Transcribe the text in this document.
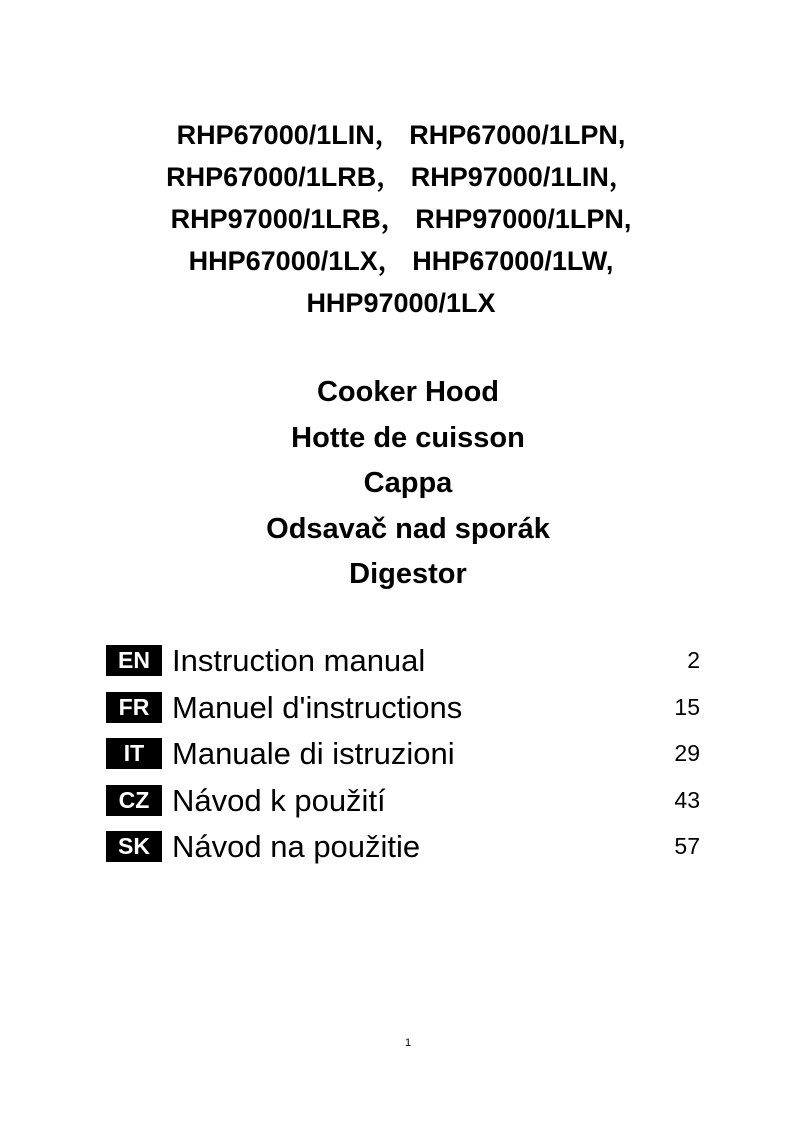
RHP67000/1LIN， RHP67000/1LPN,
RHP67000/1LRB， RHP97000/1LIN，
RHP97000/1LRB， RHP97000/1LPN,
HHP67000/1LX， HHP67000/1LW,
HHP97000/1LX
Cooker Hood
Hotte de cuisson
Cappa
Odsavač nad sporák
Digestor
EN Instruction manual	2
FR Manuel d'instructions	15
IT Manuale di istruzioni	29
CZ Návod k použití	43
SK Návod na použitie	57
1
